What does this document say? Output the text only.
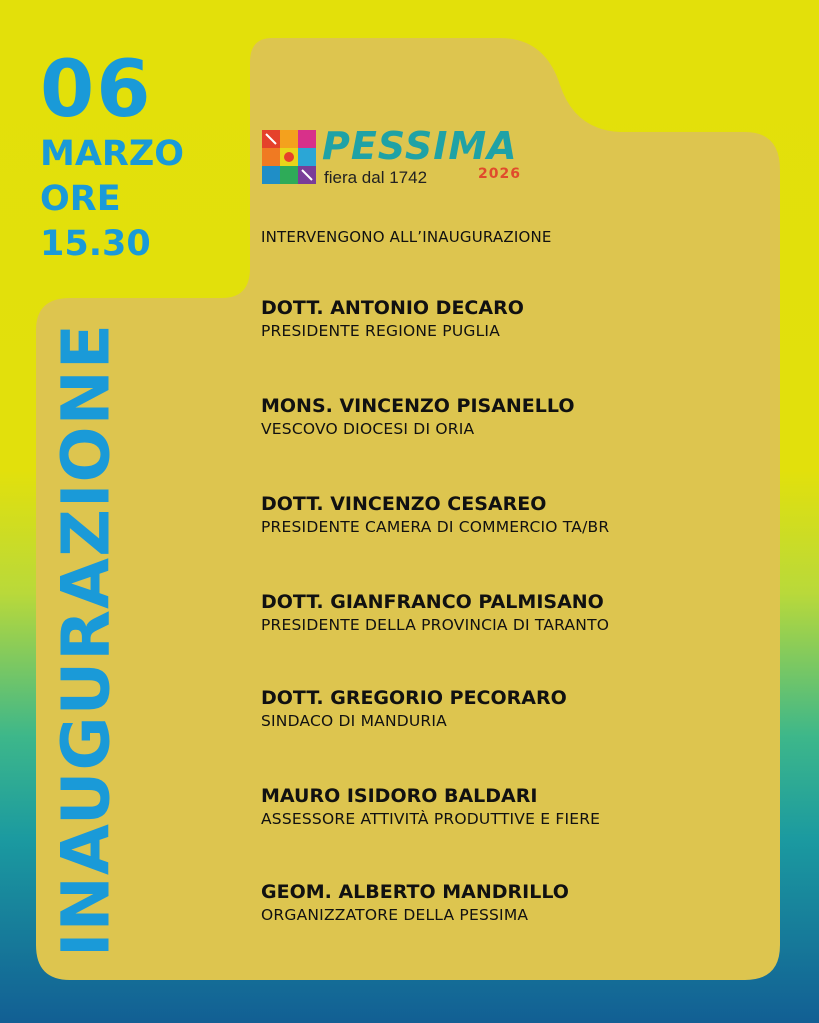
06
MARZO
ORE
15.30
INAUGURAZIONE
PESSIMA
fiera dal 1742	2026
INTERVENGONO ALL’INAUGURAZIONE
DOTT. ANTONIO DECARO
PRESIDENTE REGIONE PUGLIA
MONS. VINCENZO PISANELLO
VESCOVO DIOCESI DI ORIA
DOTT. VINCENZO CESAREO
PRESIDENTE CAMERA DI COMMERCIO TA/BR
DOTT. GIANFRANCO PALMISANO
PRESIDENTE DELLA PROVINCIA DI TARANTO
DOTT. GREGORIO PECORARO
SINDACO DI MANDURIA
MAURO ISIDORO BALDARI
ASSESSORE ATTIVITÀ PRODUTTIVE E FIERE
GEOM. ALBERTO MANDRILLO
ORGANIZZATORE DELLA PESSIMA
